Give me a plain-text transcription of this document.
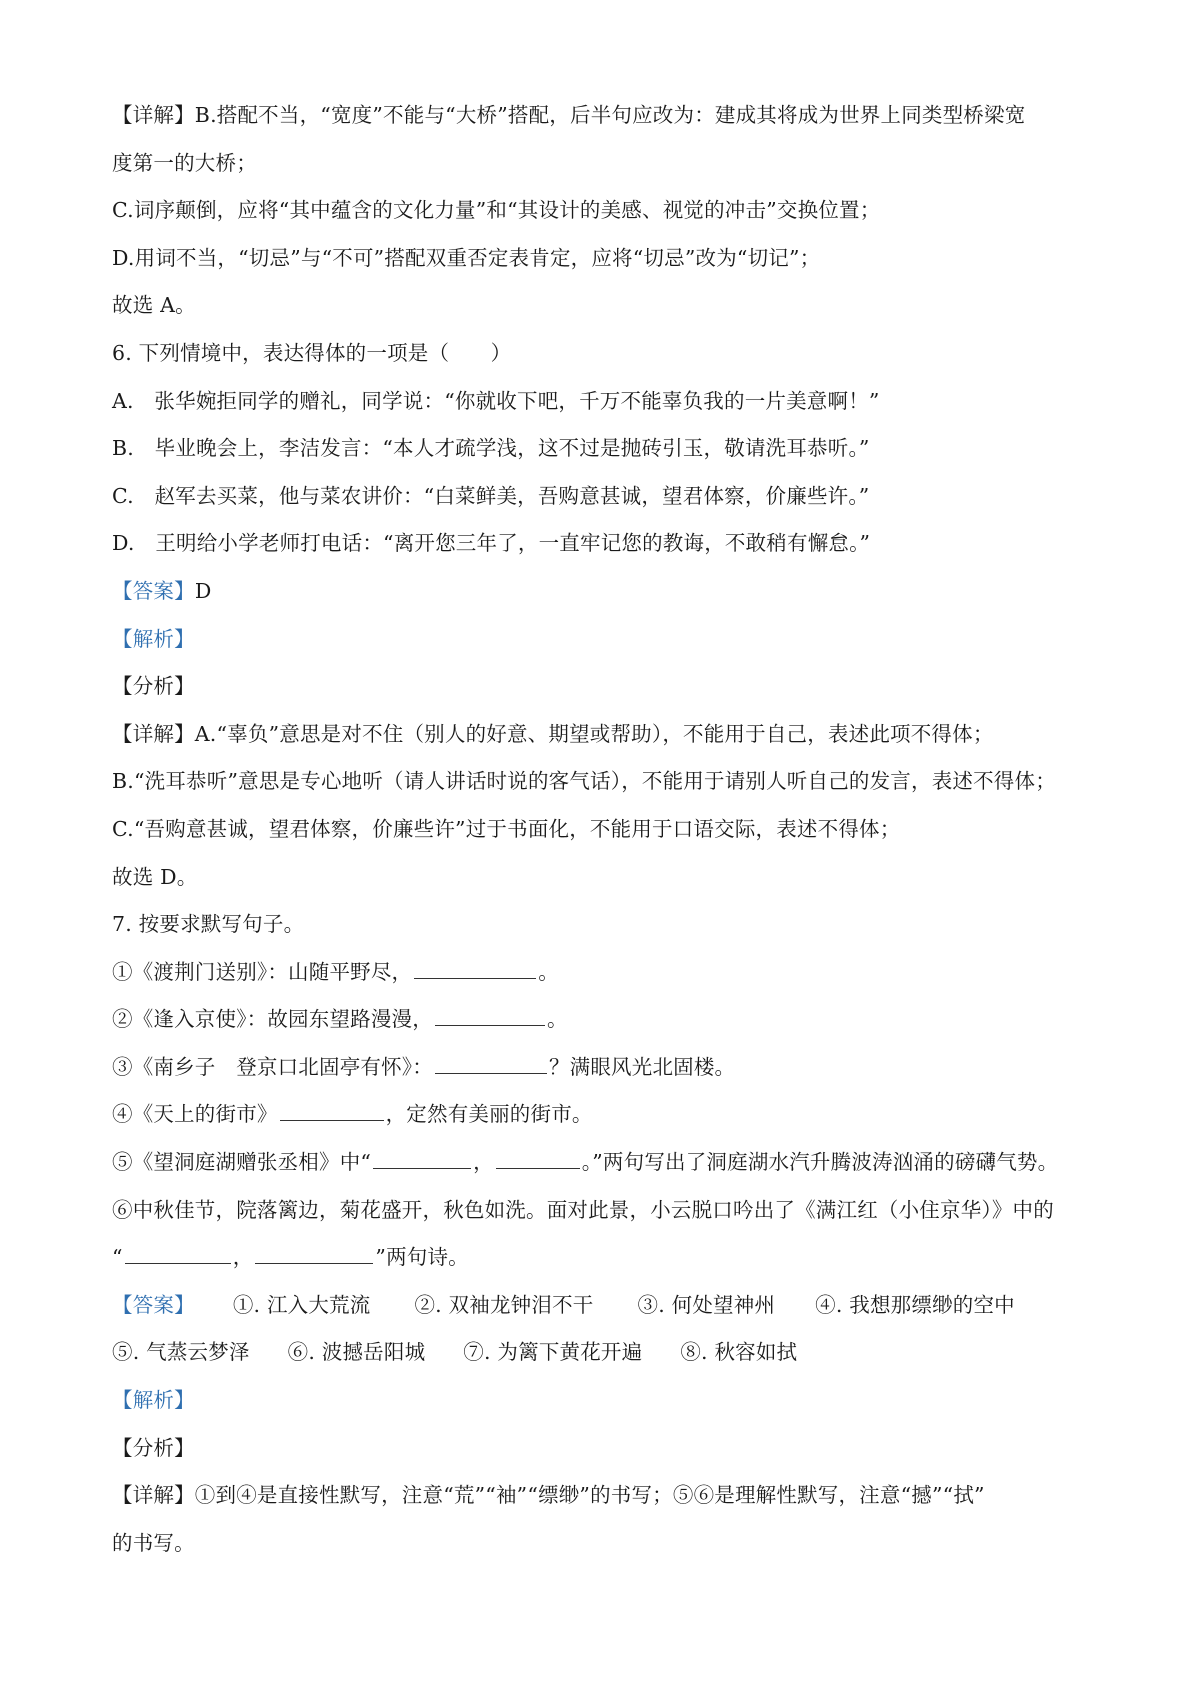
【详解】B.搭配不当，“宽度”不能与“大桥”搭配，后半句应改为：建成其将成为世界上同类型桥梁宽
度第一的大桥；
C.词序颠倒，应将“其中蕴含的文化力量”和“其设计的美感、视觉的冲击”交换位置；
D.用词不当，“切忌”与“不可”搭配双重否定表肯定，应将“切忌”改为“切记”；
故选 A。
6. 下列情境中，表达得体的一项是（　　）
A.　张华婉拒同学的赠礼，同学说：“你就收下吧，千万不能辜负我的一片美意啊！”
B.　毕业晚会上，李洁发言：“本人才疏学浅，这不过是抛砖引玉，敬请洗耳恭听。”
C.　赵军去买菜，他与菜农讲价：“白菜鲜美，吾购意甚诚，望君体察，价廉些许。”
D.　王明给小学老师打电话：“离开您三年了，一直牢记您的教诲，不敢稍有懈怠。”
【答案】D
【解析】
【分析】
【详解】A.“辜负”意思是对不住（别人的好意、期望或帮助），不能用于自己，表述此项不得体；
B.“洗耳恭听”意思是专心地听（请人讲话时说的客气话），不能用于请别人听自己的发言，表述不得体；
C.“吾购意甚诚，望君体察，价廉些许”过于书面化，不能用于口语交际，表述不得体；
故选 D。
7. 按要求默写句子。
①《渡荆门送别》：山随平野尽，	。
②《逢入京使》：故园东望路漫漫，	。
③《南乡子　登京口北固亭有怀》：	？满眼风光北固楼。
④《天上的街市》	，定然有美丽的街市。
⑤《望洞庭湖赠张丞相》中“	，	。”两句写出了洞庭湖水汽升腾波涛汹涌的磅礴气势。
⑥中秋佳节，院落篱边，菊花盛开，秋色如洗。面对此景，小云脱口吟出了《满江红（小住京华）》中的
“	，	”两句诗。
【答案】 ①. 江入大荒流 ②. 双袖龙钟泪不干 ③. 何处望神州 ④. 我想那缥缈的空中
⑤. 气蒸云梦泽 ⑥. 波撼岳阳城 ⑦. 为篱下黄花开遍 ⑧. 秋容如拭
【解析】
【分析】
【详解】①到④是直接性默写，注意“荒”“袖”“缥缈”的书写；⑤⑥是理解性默写，注意“撼”“拭”
的书写。
